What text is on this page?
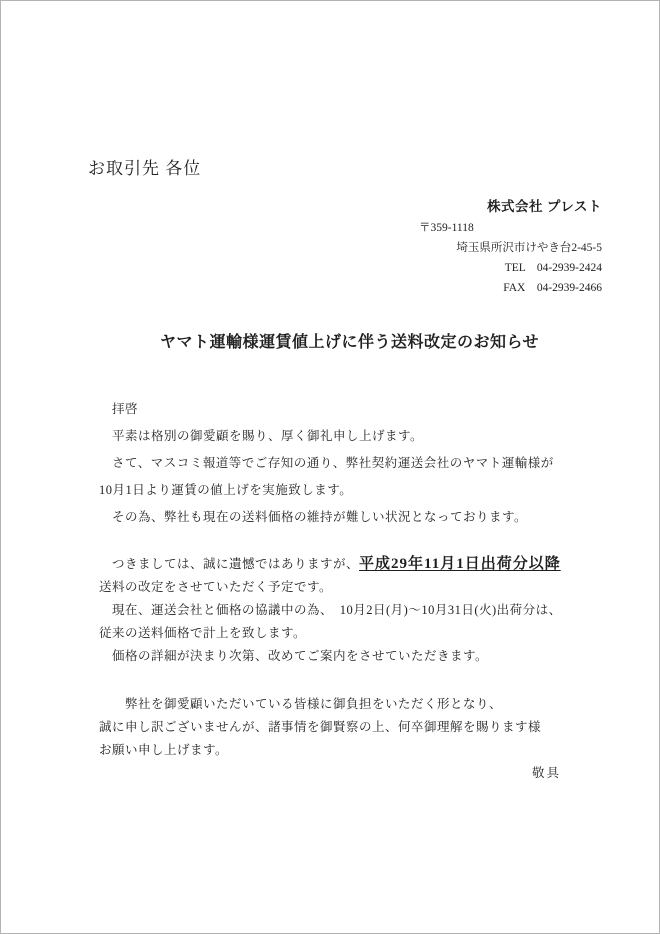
お取引先 各位
株式会社 プレスト
〒359-1118
埼玉県所沢市けやき台2-45-5
TEL　04-2939-2424
FAX　04-2939-2466
ヤマト運輸様運賃値上げに伴う送料改定のお知らせ
　拝啓
　平素は格別の御愛顧を賜り、厚く御礼申し上げます。
　さて、マスコミ報道等でご存知の通り、弊社契約運送会社のヤマト運輸様が
10月1日より運賃の値上げを実施致します。
　その為、弊社も現在の送料価格の維持が難しい状況となっております。
　つきましては、誠に遺憾ではありますが、平成29年11月1日出荷分以降
送料の改定をさせていただく予定です。
　現在、運送会社と価格の協議中の為、　10月2日(月)～10月31日(火)出荷分は、
従来の送料価格で計上を致します。
　価格の詳細が決まり次第、改めてご案内をさせていただきます。
　　弊社を御愛顧いただいている皆様に御負担をいただく形となり、
誠に申し訳ございませんが、諸事情を御賢察の上、何卒御理解を賜ります様
お願い申し上げます。
敬具
